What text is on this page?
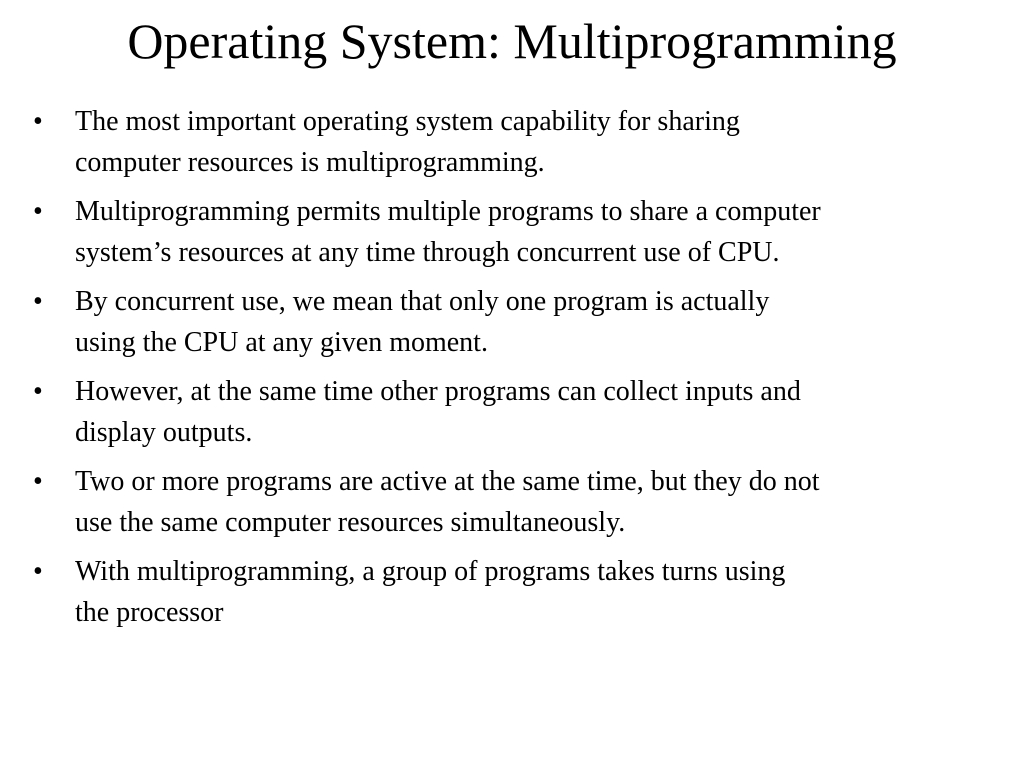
Operating System: Multiprogramming
• The most important operating system capability for sharing
computer resources is multiprogramming.
• Multiprogramming permits multiple programs to share a computer
system’s resources at any time through concurrent use of CPU.
• By concurrent use, we mean that only one program is actually
using the CPU at any given moment.
• However, at the same time other programs can collect inputs and
display outputs.
• Two or more programs are active at the same time, but they do not
use the same computer resources simultaneously.
• With multiprogramming, a group of programs takes turns using
the processor
